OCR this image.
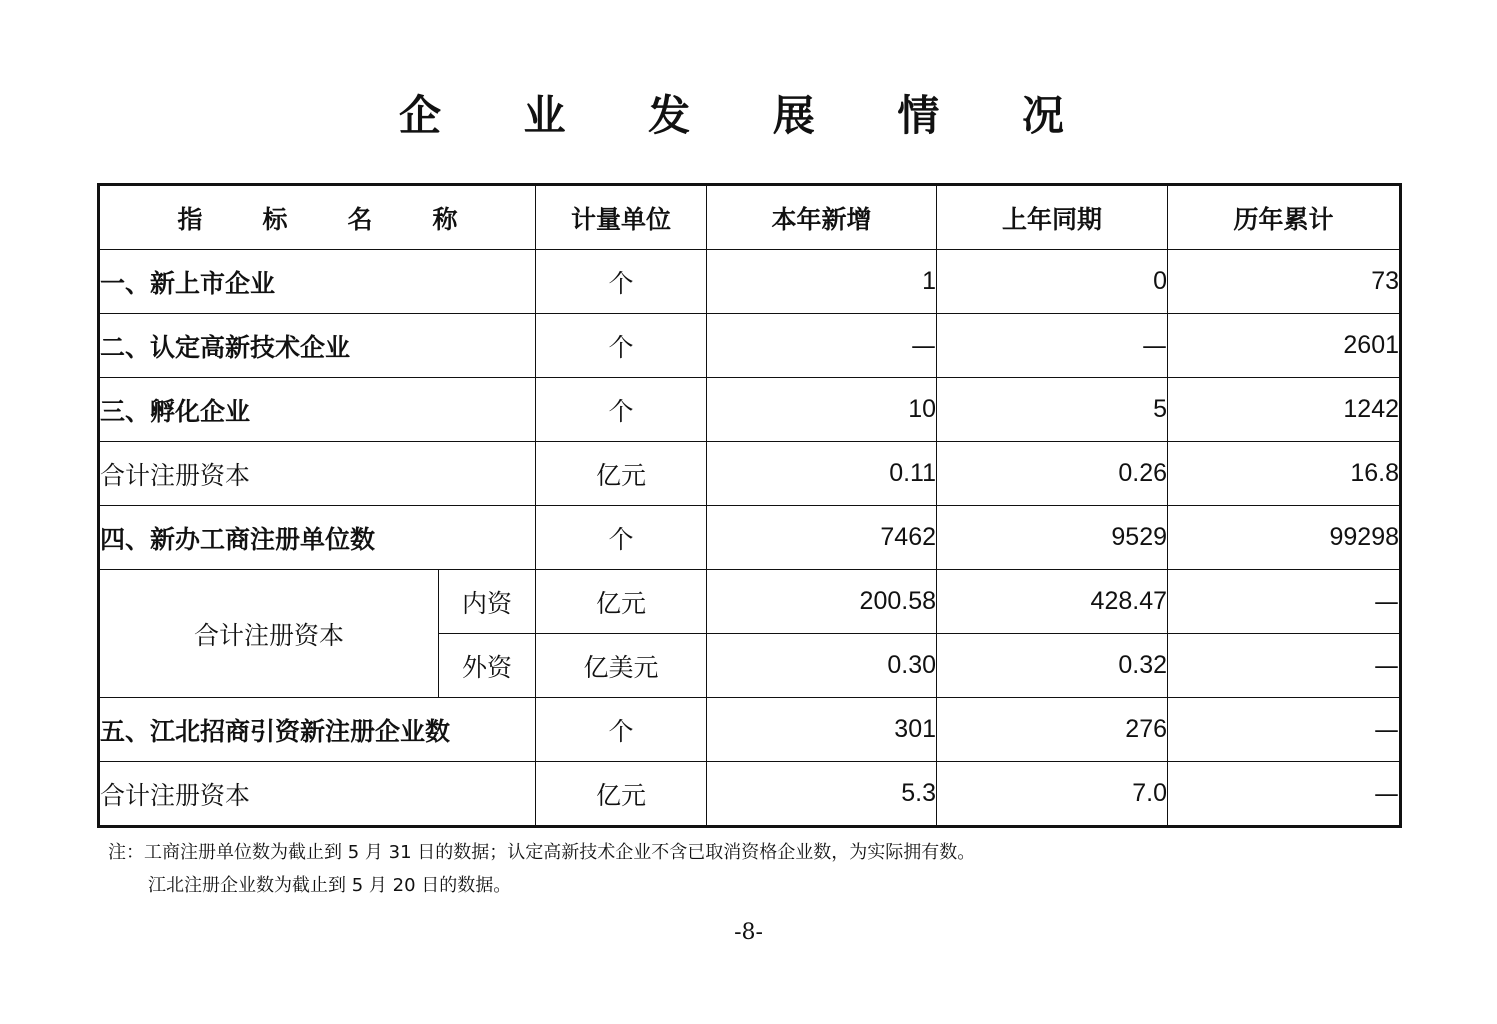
企 业 发 展 情 况
指标名称		计量单位	本年新增	上年同期	历年累计
一、新上市企业		个	1	0	73
二、认定高新技术企业		个	—	—	2601
三、孵化企业		个	10	5	1242
合计注册资本		亿元	0.11	0.26	16.8
四、新办工商注册单位数		个	7462	9529	99298
合计注册资本	内资	亿元	200.58	428.47	—
	外资	亿美元	0.30	0.32	—
五、江北招商引资新注册企业数		个	301	276	—
合计注册资本		亿元	5.3	7.0	—
注：工商注册单位数为截止到 5 月 31 日的数据；认定高新技术企业不含已取消资格企业数，为实际拥有数。
江北注册企业数为截止到 5 月 20 日的数据。
-8-
